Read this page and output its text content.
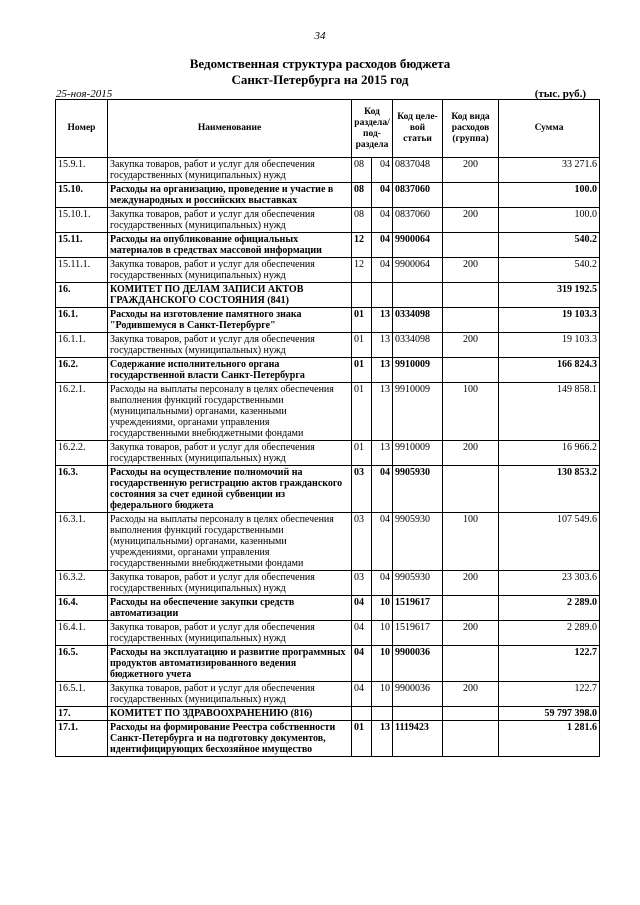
34
Ведомственная структура расходов бюджета
Санкт-Петербурга на 2015 год
25-ноя-2015	(тыс. руб.)
Номер	Наименование	Код раздела/ под-раздела		Код целе-вой статьи	Код вида расходов (группа)	Сумма
15.9.1.	Закупка товаров, работ и услуг для обеспечения государственных (муниципальных) нужд	08	04	0837048	200	33 271.6
15.10.	Расходы на организацию, проведение и участие в международных и российских выставках	08	04	0837060		100.0
15.10.1.	Закупка товаров, работ и услуг для обеспечения государственных (муниципальных) нужд	08	04	0837060	200	100.0
15.11.	Расходы на опубликование официальных материалов в средствах массовой информации	12	04	9900064		540.2
15.11.1.	Закупка товаров, работ и услуг для обеспечения государственных (муниципальных) нужд	12	04	9900064	200	540.2
16.	КОМИТЕТ ПО ДЕЛАМ ЗАПИСИ АКТОВ ГРАЖДАНСКОГО СОСТОЯНИЯ (841)					319 192.5
16.1.	Расходы на изготовление памятного знака "Родившемуся в Санкт-Петербурге"	01	13	0334098		19 103.3
16.1.1.	Закупка товаров, работ и услуг для обеспечения государственных (муниципальных) нужд	01	13	0334098	200	19 103.3
16.2.	Содержание исполнительного органа государственной власти Санкт-Петербурга	01	13	9910009		166 824.3
16.2.1.	Расходы на выплаты персоналу в целях обеспечения выполнения функций государственными (муниципальными) органами, казенными учреждениями, органами управления государственными внебюджетными фондами	01	13	9910009	100	149 858.1
16.2.2.	Закупка товаров, работ и услуг для обеспечения государственных (муниципальных) нужд	01	13	9910009	200	16 966.2
16.3.	Расходы на осуществление полномочий на государственную регистрацию актов гражданского состояния за счет единой субвенции из федерального бюджета	03	04	9905930		130 853.2
16.3.1.	Расходы на выплаты персоналу в целях обеспечения выполнения функций государственными (муниципальными) органами, казенными учреждениями, органами управления государственными внебюджетными фондами	03	04	9905930	100	107 549.6
16.3.2.	Закупка товаров, работ и услуг для обеспечения государственных (муниципальных) нужд	03	04	9905930	200	23 303.6
16.4.	Расходы на обеспечение закупки средств автоматизации	04	10	1519617		2 289.0
16.4.1.	Закупка товаров, работ и услуг для обеспечения государственных (муниципальных) нужд	04	10	1519617	200	2 289.0
16.5.	Расходы на эксплуатацию и развитие программных продуктов автоматизированного ведения бюджетного учета	04	10	9900036		122.7
16.5.1.	Закупка товаров, работ и услуг для обеспечения государственных (муниципальных) нужд	04	10	9900036	200	122.7
17.	КОМИТЕТ ПО ЗДРАВООХРАНЕНИЮ (816)					59 797 398.0
17.1.	Расходы на формирование Реестра собственности Санкт-Петербурга и на подготовку документов, идентифицирующих бесхозяйное имущество	01	13	1119423		1 281.6
